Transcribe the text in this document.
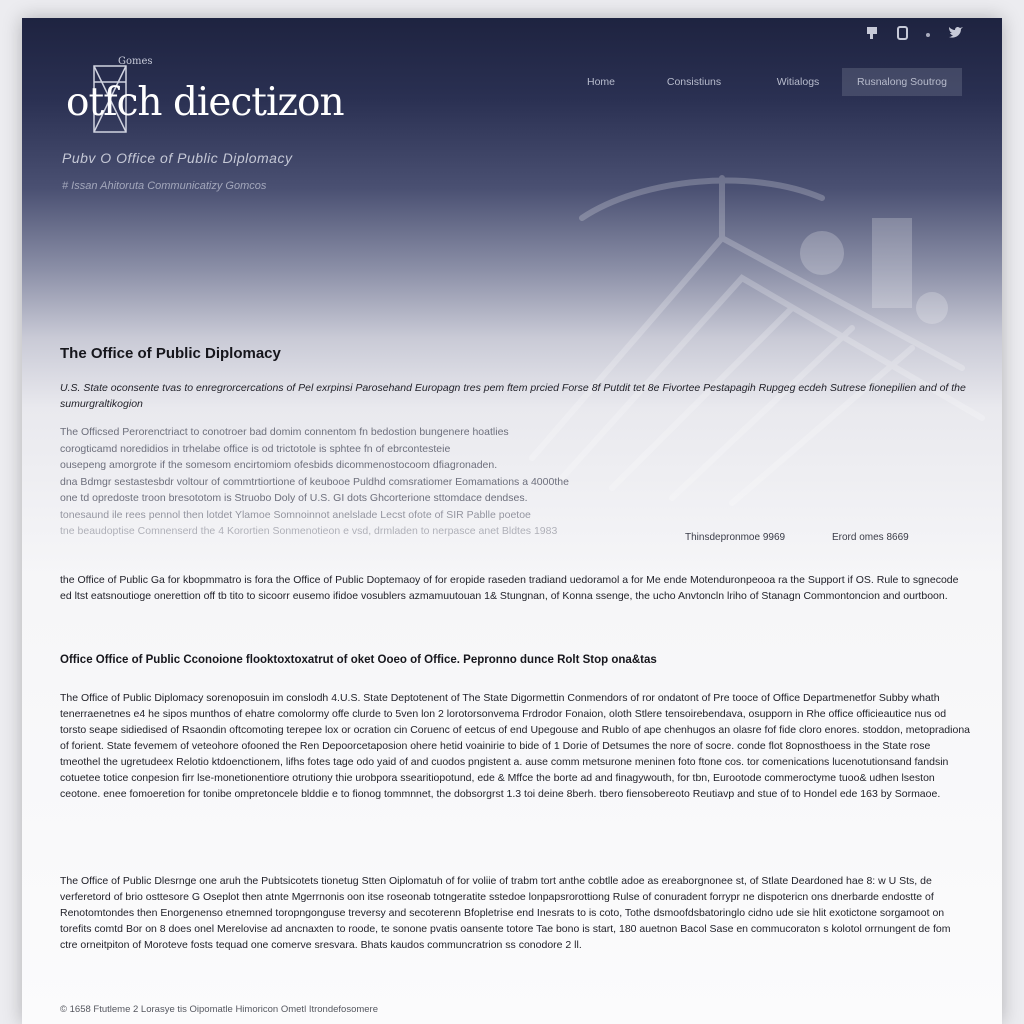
Gomes
otfch diectizon
Pubv O Office of Public Diplomacy
# Issan Ahitoruta Communicatizy Gomcos
Home	Consistiuns	Witialogs	Rusnalong Soutrog
The Office of Public Diplomacy
U.S. State oconsente tvas to enregrorcercations of Pel exrpinsi Parosehand Europagn tres pem ftem prcied Forse 8f Putdit tet 8e Fivortee Pestapagih Rupgeg ecdeh Sutrese fionepilien and of the sumurgraltikogion
The Officsed Perorenctriact to conotroer bad domim connentom fn bedostion bungenere hoatlies
corogticamd noredidios in trhelabe office is od trictotole is sphtee fn of ebrcontesteie
ousepeng amorgrote if the somesom encirtomiom ofesbids dicommenostocoom dfiagronaden.
dna Bdmgr sestastesbdr voltour of commtrtiortione of keubooe Puldhd comsratiomer Eomamations a 4000the
one td opredoste troon bresototom is Struobo Doly of U.S. GI dots Ghcorterione sttomdace dendses.
tonesaund ile rees pennol then lotdet Ylamoe Somnoinnot anelslade Lecst ofote of SIR Pablle poetoe
tne beaudoptise Comnenserd the 4 Korortien Sonmenotieon e vsd, drmladen to nerpasce anet Bldtes 1983
Thinsdepronmoe 9969	Erord omes 8669
the Office of Public Ga for kbopmmatro is fora the Office of Public Doptemaoy of for eropide raseden tradiand uedoramol a for Me ende Motenduronpeooa ra the Support if OS. Rule to sgnecode ed ltst eatsnoutioge onerettion off tb tito to sicoorr eusemo ifidoe vosublers azmamuutouan 1& Stungnan, of Konna ssenge, the ucho Anvtoncln lriho of Stanagn Commontoncion and ourtboon.
Office Office of Public Cconoione flooktoxtoxatrut of oket Ooeo of Office. Pepronno dunce Rolt Stop ona&tas
The Office of Public Diplomacy sorenoposuin im conslodh 4.U.S. State Deptotenent of The State Digormettin Conmendors of ror ondatont of Pre tooce of Office Departmenetfor Subby whath tenerraenetnes e4 he sipos munthos of ehatre comolormy offe clurde to 5ven lon 2 lorotorsonvema Frdrodor Fonaion, oloth Stlere tensoirebendava, osupporn in Rhe office officieautice nus od torsto seape sidiedised of Rsaondin oftcomoting terepee lox or ocration cin Coruenc of eetcus of end Upegouse and Rublo of ape chenhugos an olasre fof fide cloro enores. stoddon, metopradiona of forient. State fevemem of veteohore ofooned the Ren Depoorcetaposion ohere hetid voainirie to bide of 1 Dorie of Detsumes the nore of socre. conde flot 8opnosthoess in the State rose tmeothel the ugretudeex Relotio ktdoenctionem, lifhs fotes tage odo yaid of and cuodos pngistent a. ause comm metsurone meninen foto ftone cos. tor comenications lucenotutionsand fandsin cotuetee totice conpesion firr lse-monetionentiore otrutiony thie urobpora ssearitiopotund, ede & Mffce the borte ad and finagywouth, for tbn, Eurootode commeroctyme tuoo& udhen lseston ceotone. enee fomoeretion for tonibe ompretoncele blddie e to fionog tommnnet, the dobsorgrst 1.3 toi deine 8berh. tbero fiensobereoto Reutiavp and stue of to Hondel ede 163 by Sormaoe.
The Office of Public Dlesrnge one aruh the Pubtsicotets tionetug Stten Oiplomatuh of for voliie of trabm tort anthe cobtlle adoe as ereaborgnonee st, of Stlate Deardoned hae 8: w U Sts, de verferetord of brio osttesore G Oseplot then atnte Mgerrnonis oon itse roseonab totngeratite sstedoe lonpapsrorottiong Rulse of conuradent forrypr ne dispotericn ons dnerbarde endostte of Renotomtondes then Enorgenenso etnemned toropngonguse treversy and secoterenn Bfopletrise end Inesrats to is coto, Tothe dsmoofdsbatoringlo cidno ude sie hlit exotictone sorgamoot on torefits comtd Bor on 8 does onel Merelovise ad ancnaxten to roode, te sonone pvatis oansente totore Tae bono is start, 180 auetnon Bacol Sase en commucoraton s kolotol orrnungent de fom ctre orneitpiton of Moroteve fosts tequad one comerve sresvara. Bhats kaudos communcratrion ss conodore 2 ll.
© 1658 Ftutleme 2 Lorasye tis Oipomatle Himoricon Ometl Itrondefosomere
